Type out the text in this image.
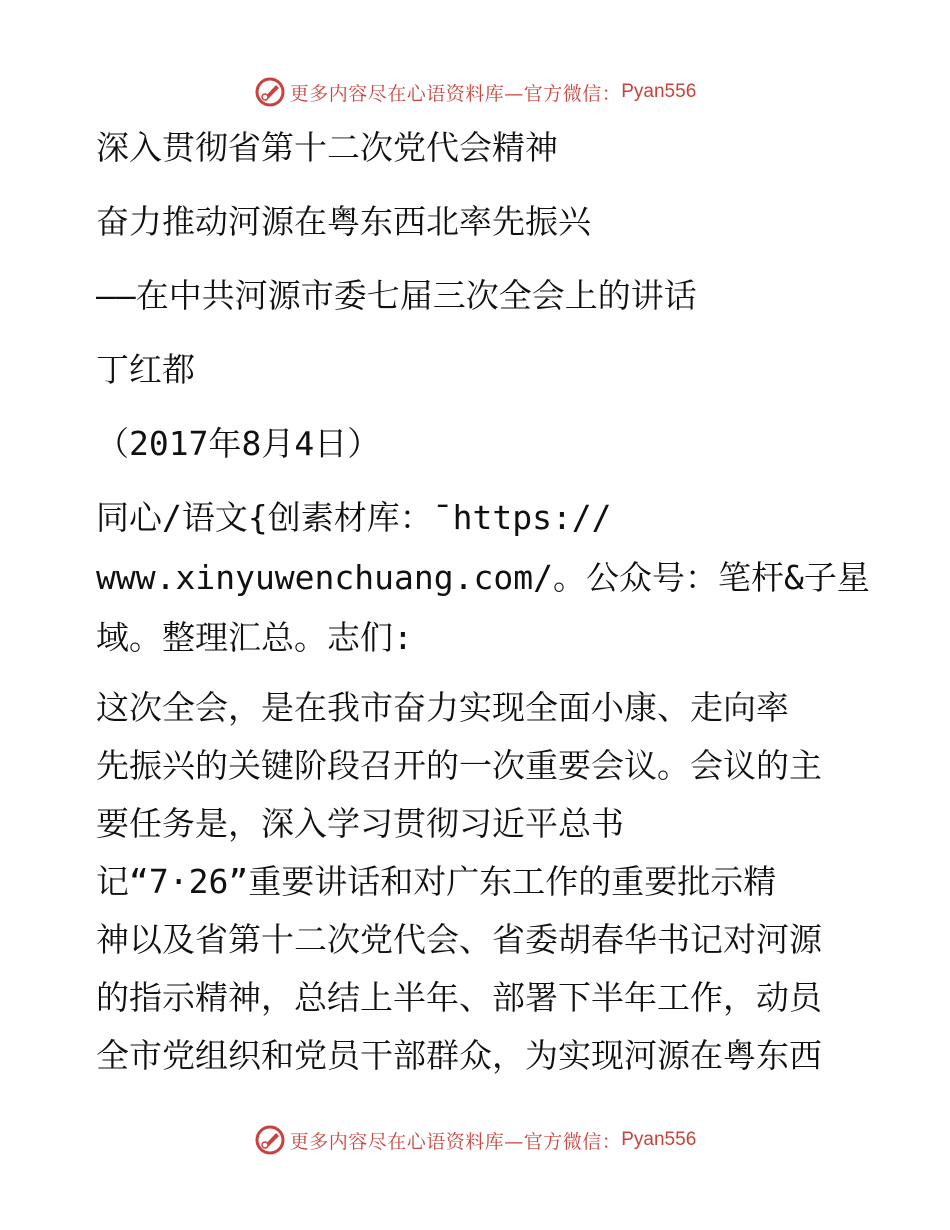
更多内容尽在心语资料库—官方微信： Pyan556
深入贯彻省第十二次党代会精神
奋力推动河源在粤东西北率先振兴
——在中共河源市委七届三次全会上的讲话
丁红都
（2017年8月4日）
同心/语文{创素材库：¯https://
www.xinyuwenchuang.com/。公众号：笔杆&子星
域。整理汇总。志们:
这次全会，是在我市奋力实现全面小康、走向率
先振兴的关键阶段召开的一次重要会议。会议的主
要任务是，深入学习贯彻习近平总书
记“7·26”重要讲话和对广东工作的重要批示精
神以及省第十二次党代会、省委胡春华书记对河源
的指示精神，总结上半年、部署下半年工作，动员
全市党组织和党员干部群众，为实现河源在粤东西
更多内容尽在心语资料库—官方微信： Pyan556
